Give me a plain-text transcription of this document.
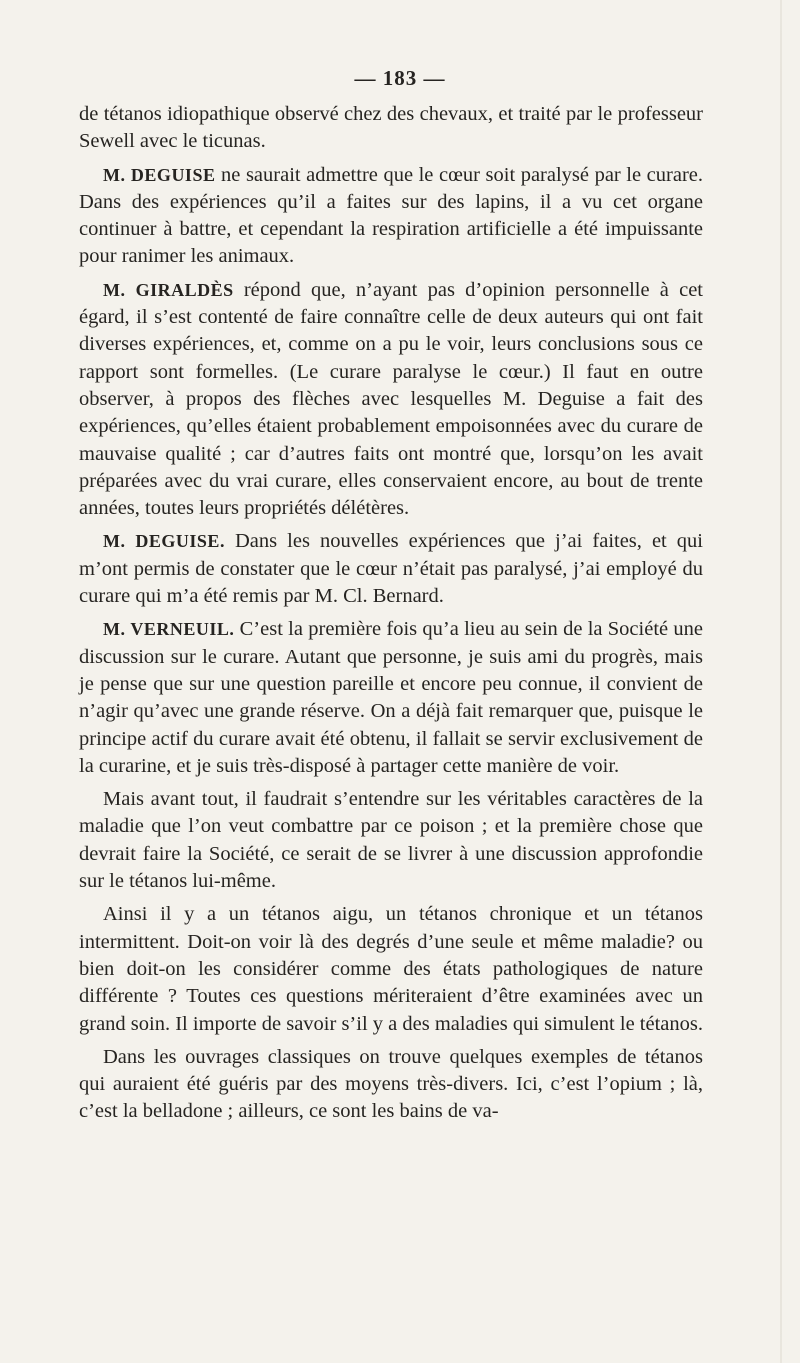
— 183 —

de tétanos idiopathique observé chez des chevaux, et traité par le professeur Sewell avec le ticunas.

M. DEGUISE ne saurait admettre que le cœur soit paralysé par le curare. Dans des expériences qu’il a faites sur des lapins, il a vu cet organe continuer à battre, et cependant la respiration artificielle a été impuissante pour ranimer les animaux.

M. GIRALDÈS répond que, n’ayant pas d’opinion personnelle à cet égard, il s’est contenté de faire connaître celle de deux auteurs qui ont fait diverses expériences, et, comme on a pu le voir, leurs conclusions sous ce rapport sont formelles. (Le curare paralyse le cœur.) Il faut en outre observer, à propos des flèches avec lesquelles M. Deguise a fait des expériences, qu’elles étaient probablement empoisonnées avec du curare de mauvaise qualité ; car d’autres faits ont montré que, lorsqu’on les avait préparées avec du vrai curare, elles conservaient encore, au bout de trente années, toutes leurs propriétés délétères.

M. DEGUISE. Dans les nouvelles expériences que j’ai faites, et qui m’ont permis de constater que le cœur n’était pas paralysé, j’ai employé du curare qui m’a été remis par M. Cl. Bernard.

M. VERNEUIL. C’est la première fois qu’a lieu au sein de la Société une discussion sur le curare. Autant que personne, je suis ami du progrès, mais je pense que sur une question pareille et encore peu connue, il convient de n’agir qu’avec une grande réserve. On a déjà fait remarquer que, puisque le principe actif du curare avait été obtenu, il fallait se servir exclusivement de la curarine, et je suis très-disposé à partager cette manière de voir.

Mais avant tout, il faudrait s’entendre sur les véritables caractères de la maladie que l’on veut combattre par ce poison ; et la première chose que devrait faire la Société, ce serait de se livrer à une discussion approfondie sur le tétanos lui-même.

Ainsi il y a un tétanos aigu, un tétanos chronique et un tétanos intermittent. Doit-on voir là des degrés d’une seule et même maladie? ou bien doit-on les considérer comme des états pathologiques de nature différente ? Toutes ces questions mériteraient d’être examinées avec un grand soin. Il importe de savoir s’il y a des maladies qui simulent le tétanos.

Dans les ouvrages classiques on trouve quelques exemples de tétanos qui auraient été guéris par des moyens très-divers. Ici, c’est l’opium ; là, c’est la belladone ; ailleurs, ce sont les bains de va-
